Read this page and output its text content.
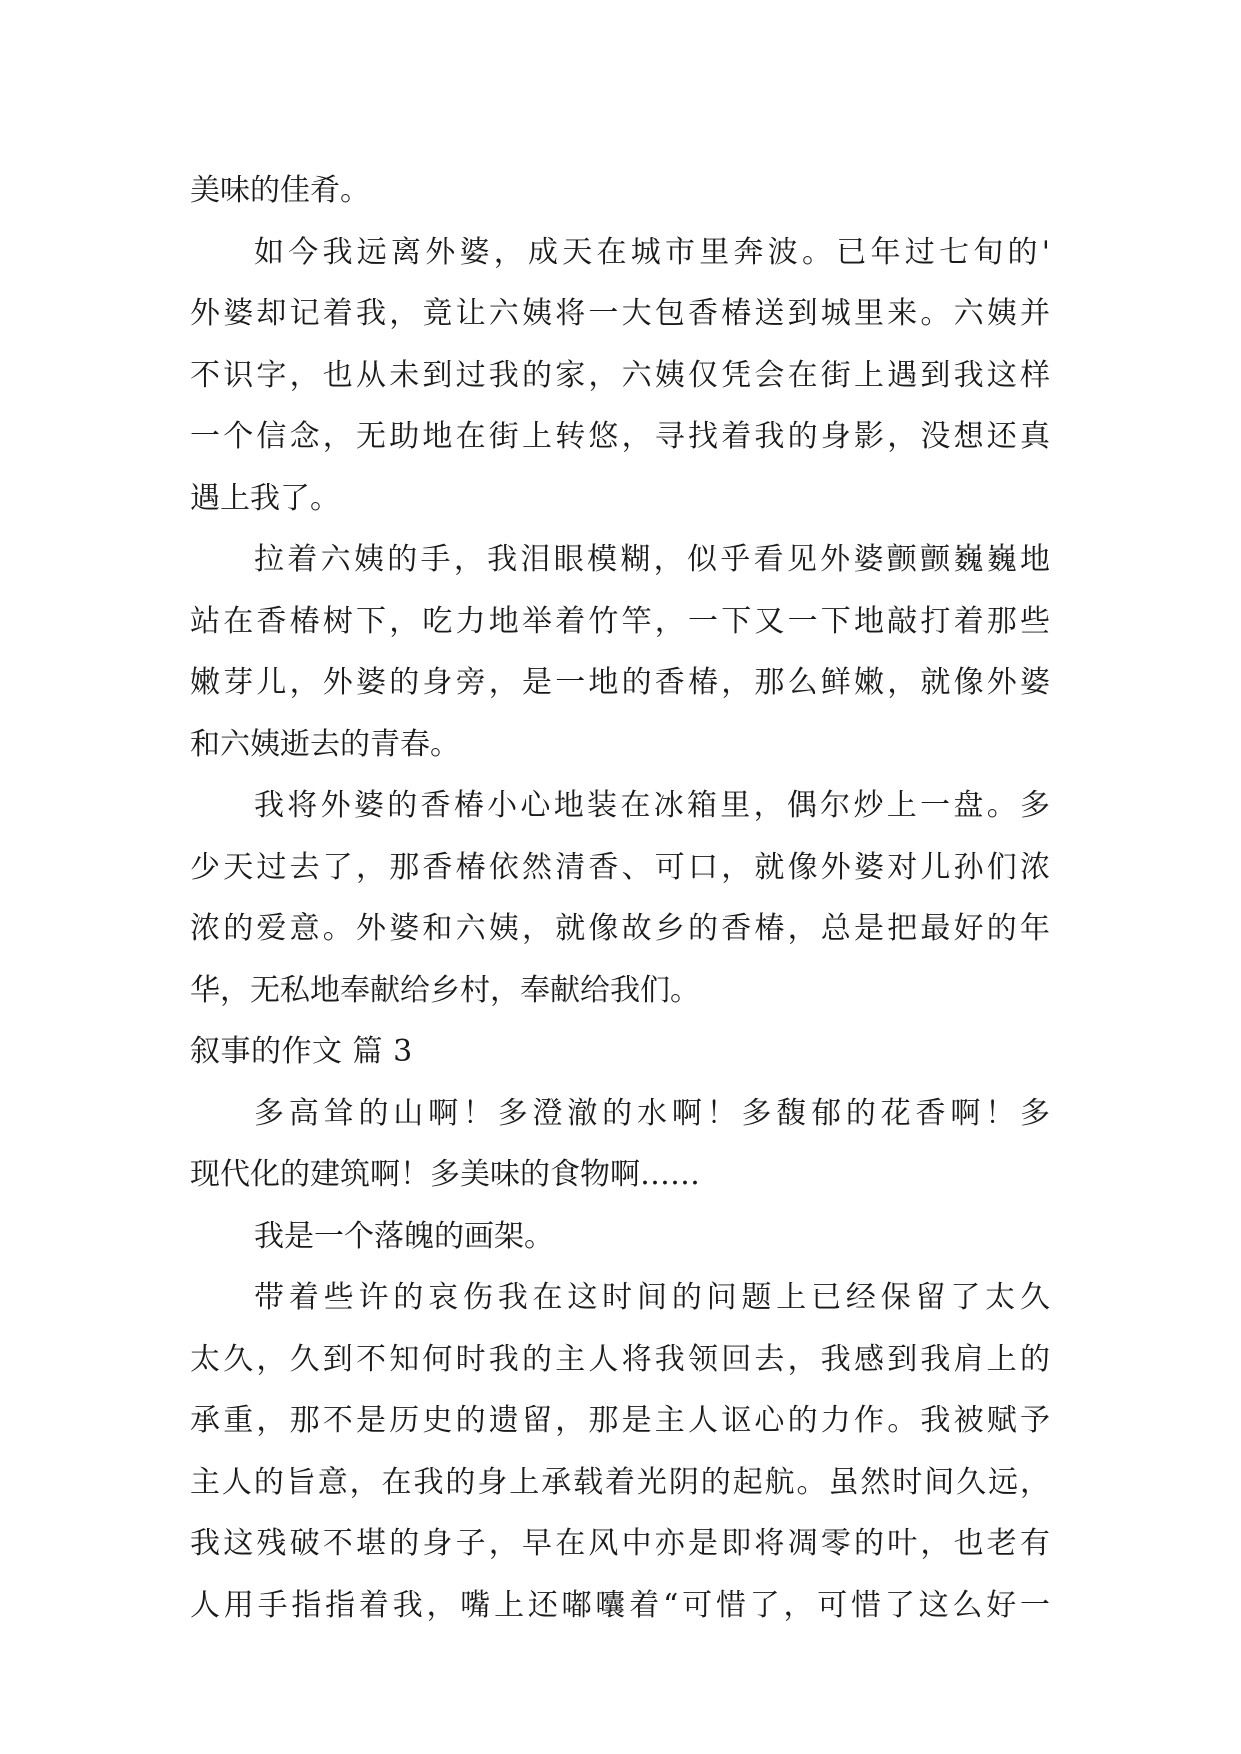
美味的佳肴。
如今我远离外婆，成天在城市里奔波。已年过七旬的'
外婆却记着我，竟让六姨将一大包香椿送到城里来。六姨并
不识字，也从未到过我的家，六姨仅凭会在街上遇到我这样
一个信念，无助地在街上转悠，寻找着我的身影，没想还真
遇上我了。
拉着六姨的手，我泪眼模糊，似乎看见外婆颤颤巍巍地
站在香椿树下，吃力地举着竹竿，一下又一下地敲打着那些
嫩芽儿，外婆的身旁，是一地的香椿，那么鲜嫩，就像外婆
和六姨逝去的青春。
我将外婆的香椿小心地装在冰箱里，偶尔炒上一盘。多
少天过去了，那香椿依然清香、可口，就像外婆对儿孙们浓
浓的爱意。外婆和六姨，就像故乡的香椿，总是把最好的年
华，无私地奉献给乡村，奉献给我们。
叙事的作文 篇 3
多高耸的山啊！多澄澈的水啊！多馥郁的花香啊！多
现代化的建筑啊！多美味的食物啊……
我是一个落魄的画架。
带着些许的哀伤我在这时间的问题上已经保留了太久
太久，久到不知何时我的主人将我领回去，我感到我肩上的
承重，那不是历史的遗留，那是主人讴心的力作。我被赋予
主人的旨意，在我的身上承载着光阴的起航。虽然时间久远，
我这残破不堪的身子，早在风中亦是即将凋零的叶，也老有
人用手指指着我，嘴上还嘟囔着“可惜了，可惜了这么好一
